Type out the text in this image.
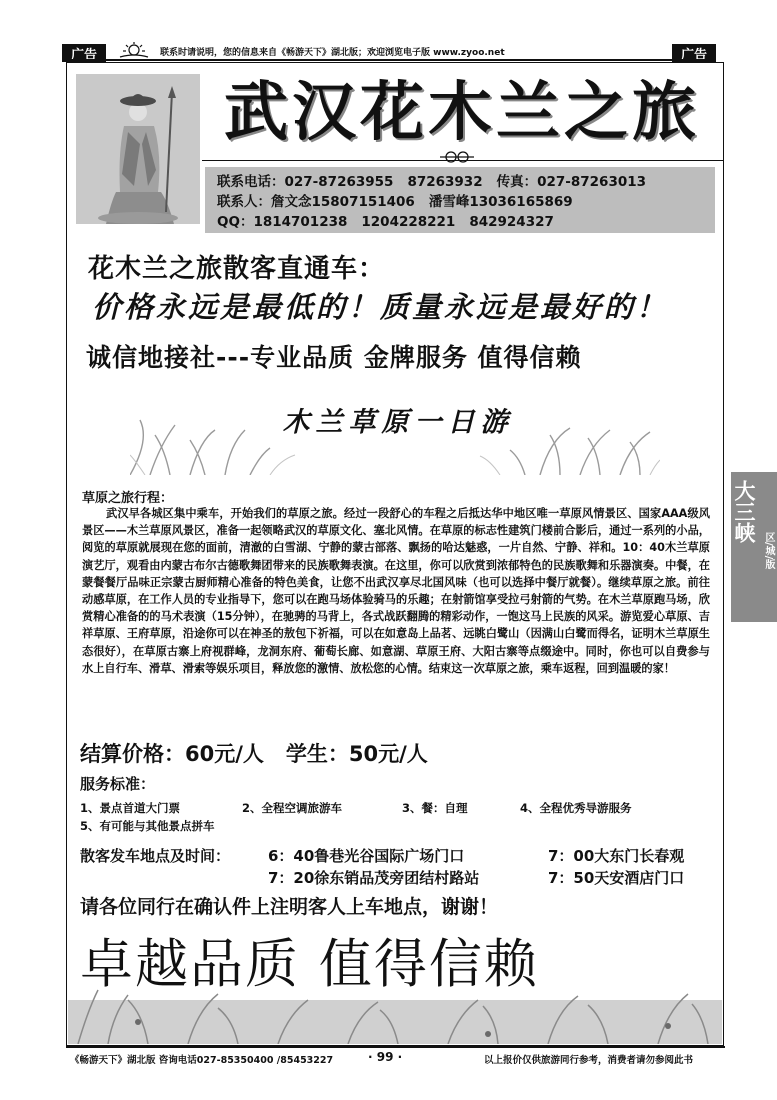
广告	广告
联系时请说明，您的信息来自《畅游天下》湖北版；欢迎浏览电子版 www.zyoo.net
武汉花木兰之旅
联系电话：027-87263955 87263932 传真：027-87263013
联系人：詹文念15807151406 潘雪峰13036165869
QQ：1814701238 1204228221 842924327
花木兰之旅散客直通车：
价格永远是最低的！质量永远是最好的！
诚信地接社---专业品质 金牌服务 值得信赖
木兰草原一日游
草原之旅行程：
武汉早各城区集中乘车，开始我们的草原之旅。经过一段舒心的车程之后抵达华中地区唯一草原风情景区、国家AAA级风景区——木兰草原风景区，准备一起领略武汉的草原文化、塞北风情。在草原的标志性建筑门楼前合影后，通过一系列的小品，阅览的草原就展现在您的面前，清澈的白雪湖、宁静的蒙古部落、飘扬的哈达魅惑，一片自然、宁静、祥和。10：40木兰草原演艺厅，观看由内蒙古布尔古德歌舞团带来的民族歌舞表演。在这里，你可以欣赏到浓郁特色的民族歌舞和乐器演奏。中餐，在蒙餐餐厅品味正宗蒙古厨师精心准备的特色美食，让您不出武汉享尽北国风味（也可以选择中餐厅就餐）。继续草原之旅。前往动感草原，在工作人员的专业指导下，您可以在跑马场体验骑马的乐趣；在射箭馆享受拉弓射箭的气势。在木兰草原跑马场，欣赏精心准备的的马术表演（15分钟），在驰骋的马背上，各式战跃翻腾的精彩动作，一饱这马上民族的风采。游览爱心草原、吉祥草原、王府草原，沿途你可以在神圣的敖包下祈福，可以在如意岛上品茗、远眺白鹭山（因满山白鹭而得名，证明木兰草原生态很好），在草原古寨上府视群峰，龙洞东府、葡萄长廊、如意湖、草原王府、大阳古寨等点缀途中。同时，你也可以自费参与水上自行车、滑草、滑索等娱乐项目，释放您的激情、放松您的心情。结束这一次草原之旅，乘车返程，回到温暖的家！
结算价格：60元/人 学生：50元/人
服务标准：
1、景点首道大门票	2、全程空调旅游车	3、餐：自理	4、全程优秀导游服务
5、有可能与其他景点拼车
散客发车地点及时间：	6：40鲁巷光谷国际广场门口	7：00大东门长春观
7：20徐东销品茂旁团结村路站	7：50天安酒店门口
请各位同行在确认件上注明客人上车地点，谢谢！
卓越品质 值得信赖
大三峡
区/城/版
《畅游天下》湖北版 咨询电话027-85350400 /85453227	· 99 ·	以上报价仅供旅游同行参考，消费者请勿参阅此书
